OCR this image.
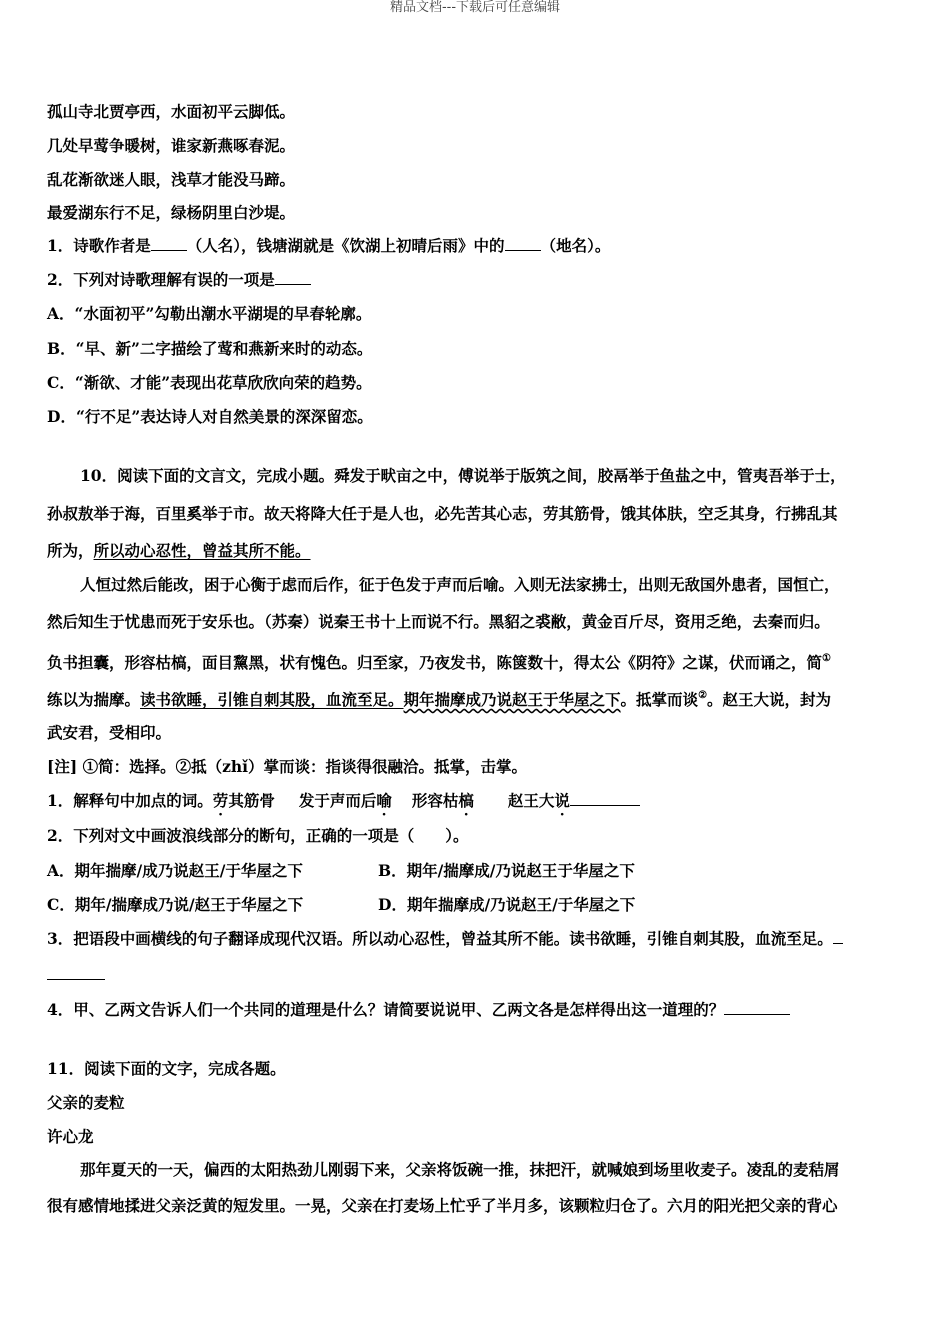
精品文档---下载后可任意编辑
孤山寺北贾亭西，水面初平云脚低。
几处早莺争暖树，谁家新燕啄春泥。
乱花渐欲迷人眼，浅草才能没马蹄。
最爱湖东行不足，绿杨阴里白沙堤。
1．诗歌作者是 （人名），钱塘湖就是《饮湖上初晴后雨》中的 （地名）。
2．下列对诗歌理解有误的一项是
A．“水面初平”勾勒出潮水平湖堤的早春轮廓。
B．“早、新”二字描绘了莺和燕新来时的动态。
C．“渐欲、才能”表现出花草欣欣向荣的趋势。
D．“行不足”表达诗人对自然美景的深深留恋。
10．阅读下面的文言文，完成小题。舜发于畎亩之中，傅说举于版筑之间，胶鬲举于鱼盐之中，管夷吾举于士，
孙叔敖举于海，百里奚举于市。故天将降大任于是人也，必先苦其心志，劳其筋骨，饿其体肤，空乏其身，行拂乱其
所为，所以动心忍性，曾益其所不能。
人恒过然后能改，困于心衡于虑而后作，征于色发于声而后喻。入则无法家拂士，出则无敌国外患者，国恒亡，
然后知生于忧患而死于安乐也。（苏秦）说秦王书十上而说不行。黑貂之裘敝，黄金百斤尽，资用乏绝，去秦而归。
负书担囊，形容枯槁，面目黧黑，状有愧色。归至家，乃夜发书，陈箧数十，得太公《阴符》之谋，伏而诵之，简①
练以为揣摩。读书欲睡，引锥自刺其股，血流至足。期年揣摩成乃说赵王于华屋之下。抵掌而谈②。赵王大说，封为
武安君，受相印。
[注] ①简：选择。②抵（zhǐ）掌而谈：指谈得很融洽。抵掌，击掌。
1．解释句中加点的词。劳其筋骨 发于声而后喻 形容枯槁 赵王大说
2．下列对文中画波浪线部分的断句，正确的一项是（　　）。
A．期年揣摩/成乃说赵王/于华屋之下	B．期年/揣摩成/乃说赵王于华屋之下
C．期年/揣摩成乃说/赵王于华屋之下	D．期年揣摩成/乃说赵王/于华屋之下
3．把语段中画横线的句子翻译成现代汉语。所以动心忍性，曾益其所不能。读书欲睡，引锥自刺其股，血流至足。
4．甲、乙两文告诉人们一个共同的道理是什么？请简要说说甲、乙两文各是怎样得出这一道理的？
11．阅读下面的文字，完成各题。
父亲的麦粒
许心龙
那年夏天的一天，偏西的太阳热劲儿刚弱下来，父亲将饭碗一推，抹把汗，就喊娘到场里收麦子。凌乱的麦秸屑
很有感情地揉进父亲泛黄的短发里。一晃，父亲在打麦场上忙乎了半月多，该颗粒归仓了。六月的阳光把父亲的背心
